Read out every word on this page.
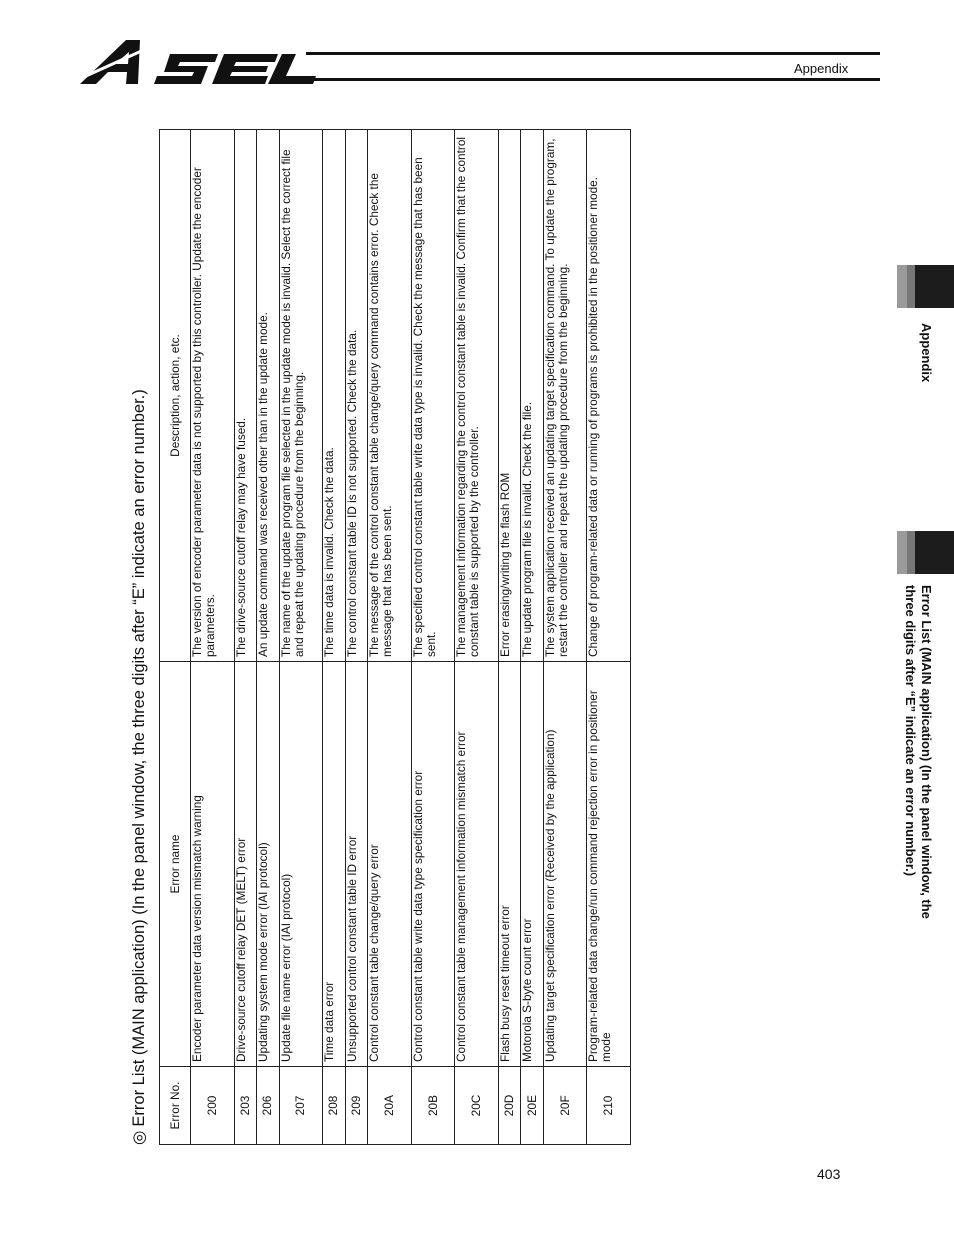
ASEL
Appendix
Appendix
Error List (MAIN application) (In the panel window, the
three digits after “E” indicate an error number.)
◎Error List (MAIN application) (In the panel window, the three digits after “E” indicate an error number.)	Error No.	Error name	Description, action, etc.
200	Encoder parameter data version mismatch warning	The version of encoder parameter data is not supported by this controller. Update the encoder parameters.
203	Drive-source cutoff relay DET (MELT) error	The drive-source cutoff relay may have fused.
206	Updating system mode error (IAI protocol)	An update command was received other than in the update mode.
207	Update file name error (IAI protocol)	The name of the update program file selected in the update mode is invalid. Select the correct file and repeat the updating procedure from the beginning.
208	Time data error	The time data is invalid. Check the data.
209	Unsupported control constant table ID error	The control constant table ID is not supported. Check the data.
20A	Control constant table change/query error	The message of the control constant table change/query command contains error. Check the message that has been sent.
20B	Control constant table write data type specification error	The specified control constant table write data type is invalid. Check the message that has been sent.
20C	Control constant table management information mismatch error	The management information regarding the control constant table is invalid. Confirm that the control constant table is supported by the controller.
20D	Flash busy reset timeout error	Error erasing/writing the flash ROM
20E	Motorola S-byte count error	The update program file is invalid. Check the file.
20F	Updating target specification error (Received by the application)	The system application received an updating target specification command. To update the program, restart the controller and repeat the updating procedure from the beginning.
210	Program-related data change/run command rejection error in positioner mode	Change of program-related data or running of programs is prohibited in the positioner mode.
403
